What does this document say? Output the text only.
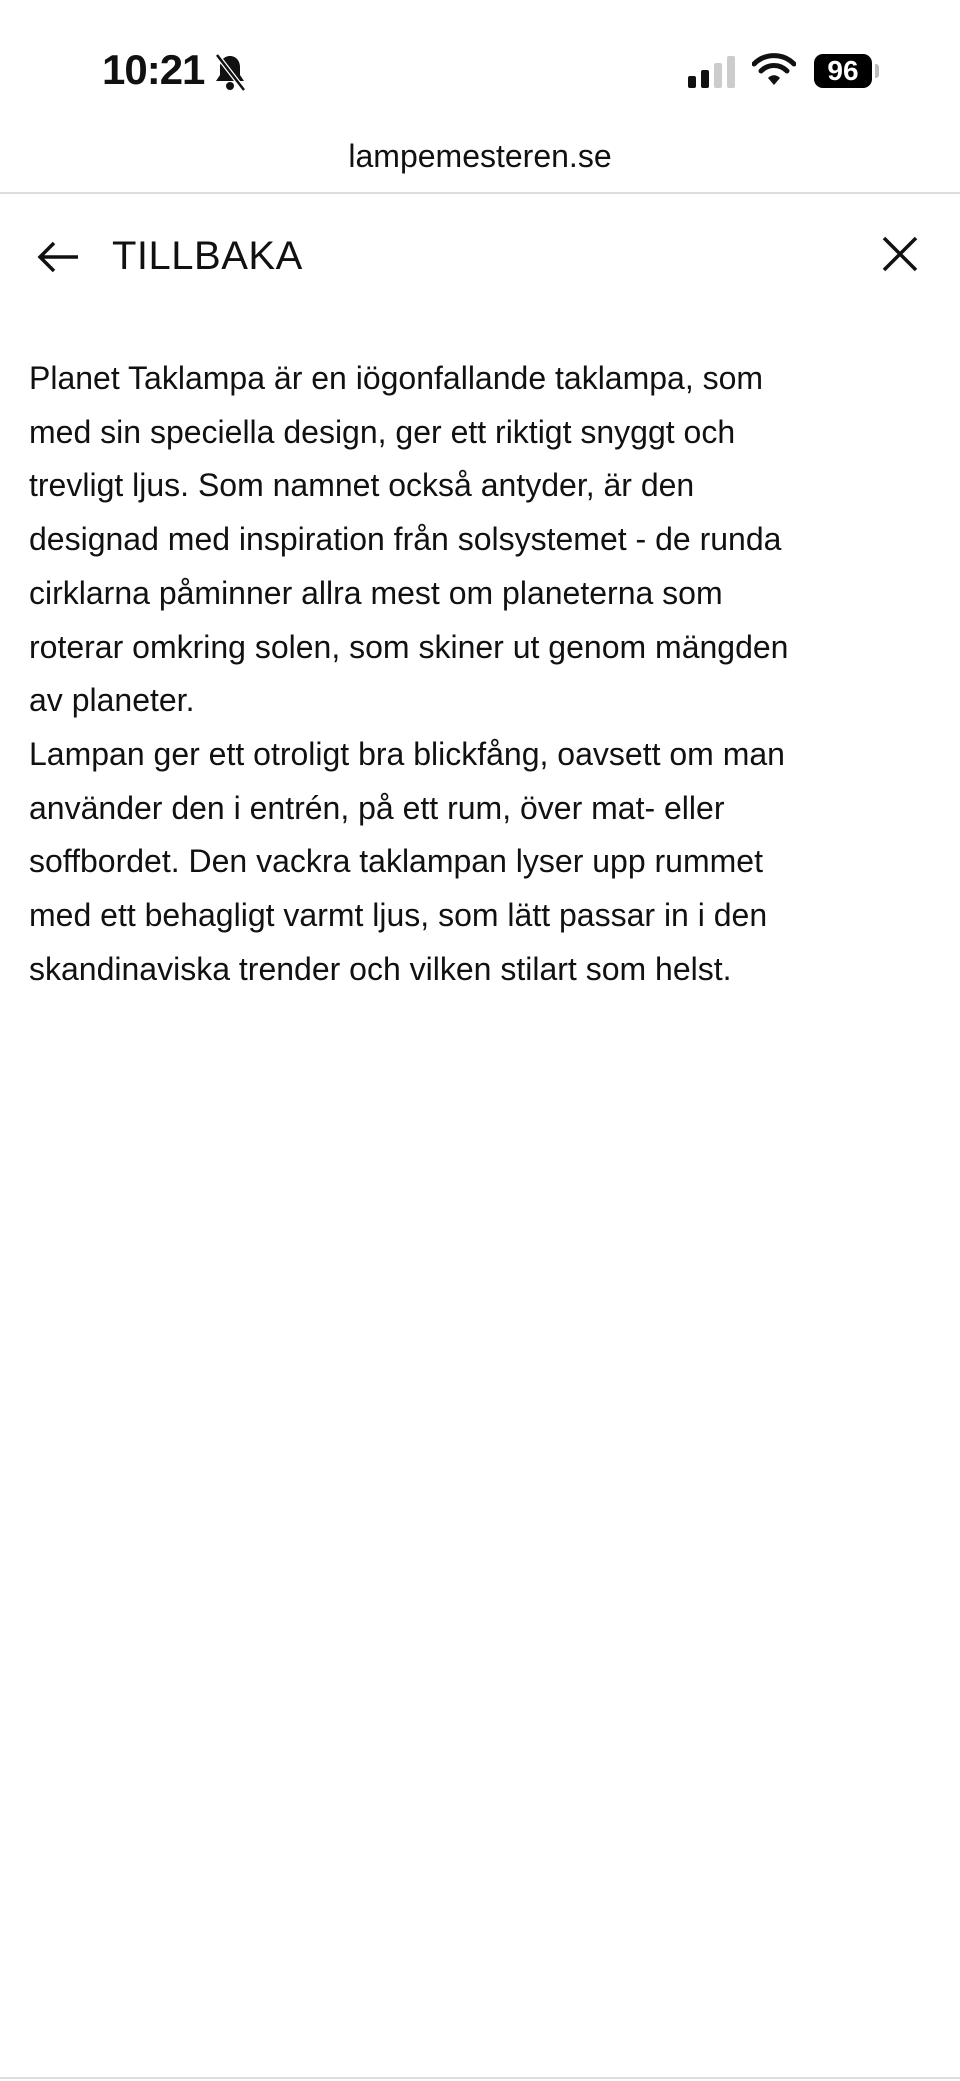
10:21	96
lampemesteren.se
TILLBAKA
Planet Taklampa är en iögonfallande taklampa, som
med sin speciella design, ger ett riktigt snyggt och
trevligt ljus. Som namnet också antyder, är den
designad med inspiration från solsystemet - de runda
cirklarna påminner allra mest om planeterna som
roterar omkring solen, som skiner ut genom mängden
av planeter.
Lampan ger ett otroligt bra blickfång, oavsett om man
använder den i entrén, på ett rum, över mat- eller
soffbordet. Den vackra taklampan lyser upp rummet
med ett behagligt varmt ljus, som lätt passar in i den
skandinaviska trender och vilken stilart som helst.
